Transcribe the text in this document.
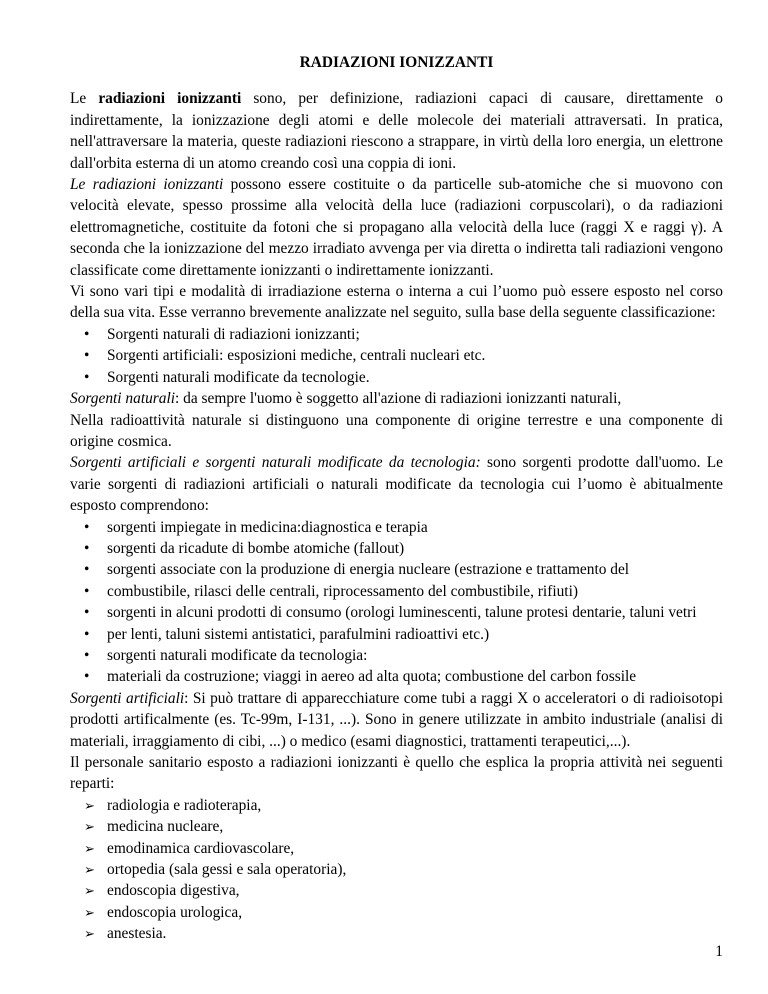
RADIAZIONI IONIZZANTI

Le radiazioni ionizzanti sono, per definizione, radiazioni capaci di causare, direttamente o indirettamente, la ionizzazione degli atomi e delle molecole dei materiali attraversati. In pratica, nell'attraversare la materia, queste radiazioni riescono a strappare, in virtù della loro energia, un elettrone dall'orbita esterna di un atomo creando così una coppia di ioni.

Le radiazioni ionizzanti possono essere costituite o da particelle sub-atomiche che si muovono con velocità elevate, spesso prossime alla velocità della luce (radiazioni corpuscolari), o da radiazioni elettromagnetiche, costituite da fotoni che si propagano alla velocità della luce (raggi X e raggi γ). A seconda che la ionizzazione del mezzo irradiato avvenga per via diretta o indiretta tali radiazioni vengono classificate come direttamente ionizzanti o indirettamente ionizzanti.

Vi sono vari tipi e modalità di irradiazione esterna o interna a cui l’uomo può essere esposto nel corso della sua vita. Esse verranno brevemente analizzate nel seguito, sulla base della seguente classificazione:

•
Sorgenti naturali di radiazioni ionizzanti;
•
Sorgenti artificiali: esposizioni mediche, centrali nucleari etc.
•
Sorgenti naturali modificate da tecnologie.

Sorgenti naturali: da sempre l'uomo è soggetto all'azione di radiazioni ionizzanti naturali,

Nella radioattività naturale si distinguono una componente di origine terrestre e una componente di origine cosmica.

Sorgenti artificiali e sorgenti naturali modificate da tecnologia: sono sorgenti prodotte dall'uomo. Le varie sorgenti di radiazioni artificiali o naturali modificate da tecnologia cui l’uomo è abitualmente esposto comprendono:

•
sorgenti impiegate in medicina:diagnostica e terapia
•
sorgenti da ricadute di bombe atomiche (fallout)
•
sorgenti associate con la produzione di energia nucleare (estrazione e trattamento del
•
combustibile, rilasci delle centrali, riprocessamento del combustibile, rifiuti)
•
sorgenti in alcuni prodotti di consumo (orologi luminescenti, talune protesi dentarie, taluni vetri
•
per lenti, taluni sistemi antistatici, parafulmini radioattivi etc.)
•
sorgenti naturali modificate da tecnologia:
•
materiali da costruzione; viaggi in aereo ad alta quota; combustione del carbon fossile

Sorgenti artificiali: Si può trattare di apparecchiature come tubi a raggi X o acceleratori o di radioisotopi prodotti artificalmente (es. Tc-99m, I-131, ...). Sono in genere utilizzate in ambito industriale (analisi di materiali, irraggiamento di cibi, ...) o medico (esami diagnostici, trattamenti terapeutici,...).

Il personale sanitario esposto a radiazioni ionizzanti è quello che esplica la propria attività nei seguenti reparti:

➢
radiologia e radioterapia,
➢
medicina nucleare,
➢
emodinamica cardiovascolare,
➢
ortopedia (sala gessi e sala operatoria),
➢
endoscopia digestiva,
➢
endoscopia urologica,
➢
anestesia.
1
